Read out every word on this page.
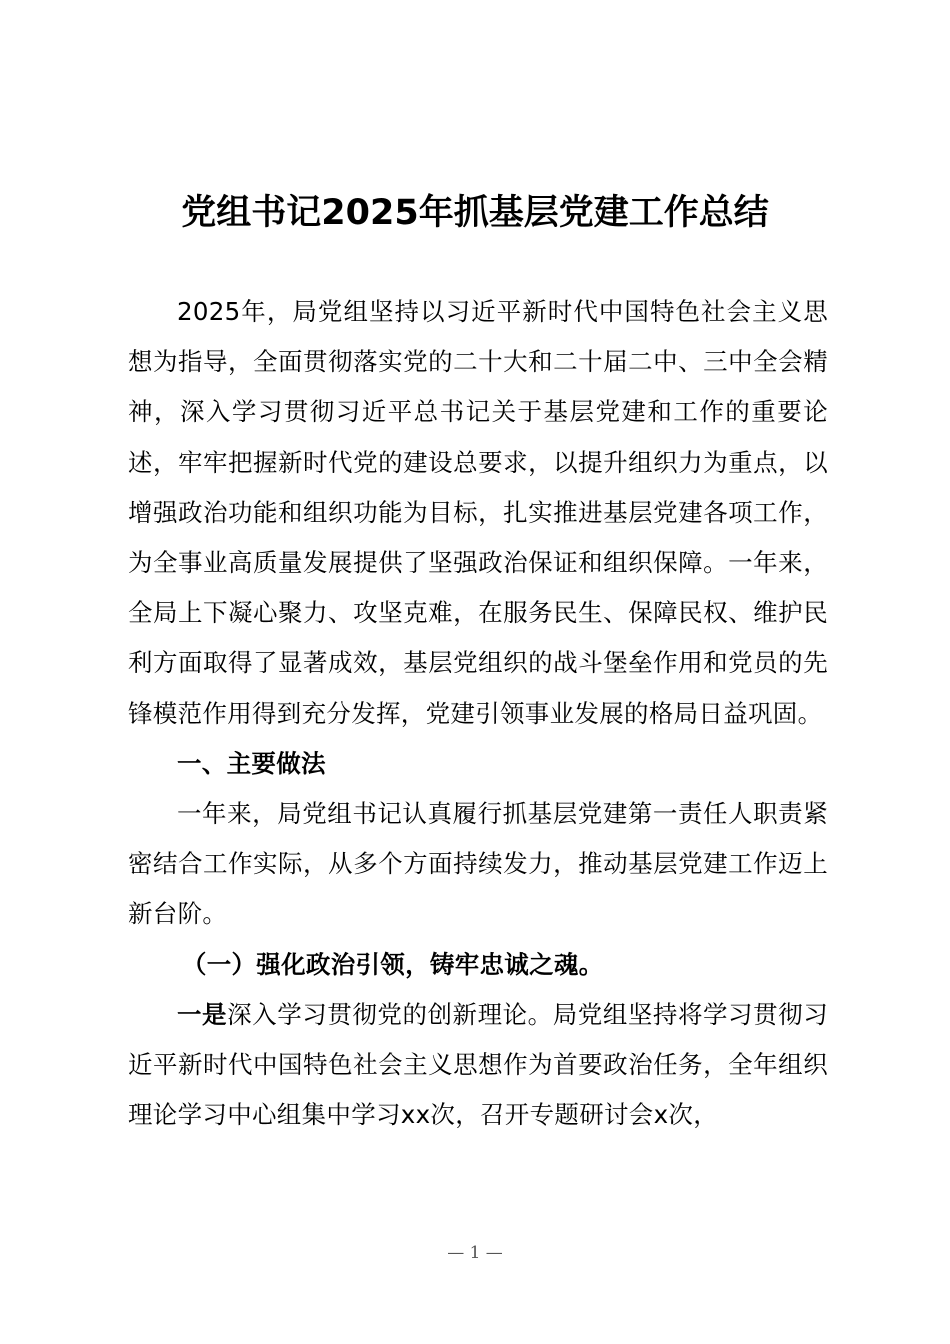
党组书记2025年抓基层党建工作总结

2025年，局党组坚持以习近平新时代中国特色社会主义思想为指导，全面贯彻落实党的二十大和二十届二中、三中全会精神，深入学习贯彻习近平总书记关于基层党建和工作的重要论述，牢牢把握新时代党的建设总要求，以提升组织力为重点，以增强政治功能和组织功能为目标，扎实推进基层党建各项工作，为全事业高质量发展提供了坚强政治保证和组织保障。一年来，全局上下凝心聚力、攻坚克难，在服务民生、保障民权、维护民利方面取得了显著成效，基层党组织的战斗堡垒作用和党员的先锋模范作用得到充分发挥，党建引领事业发展的格局日益巩固。

一、主要做法

一年来，局党组书记认真履行抓基层党建第一责任人职责紧密结合工作实际，从多个方面持续发力，推动基层党建工作迈上新台阶。

（一）强化政治引领，铸牢忠诚之魂。

一是深入学习贯彻党的创新理论。局党组坚持将学习贯彻习近平新时代中国特色社会主义思想作为首要政治任务，全年组织理论学习中心组集中学习xx次，召开专题研讨会x次，

— 1 —
